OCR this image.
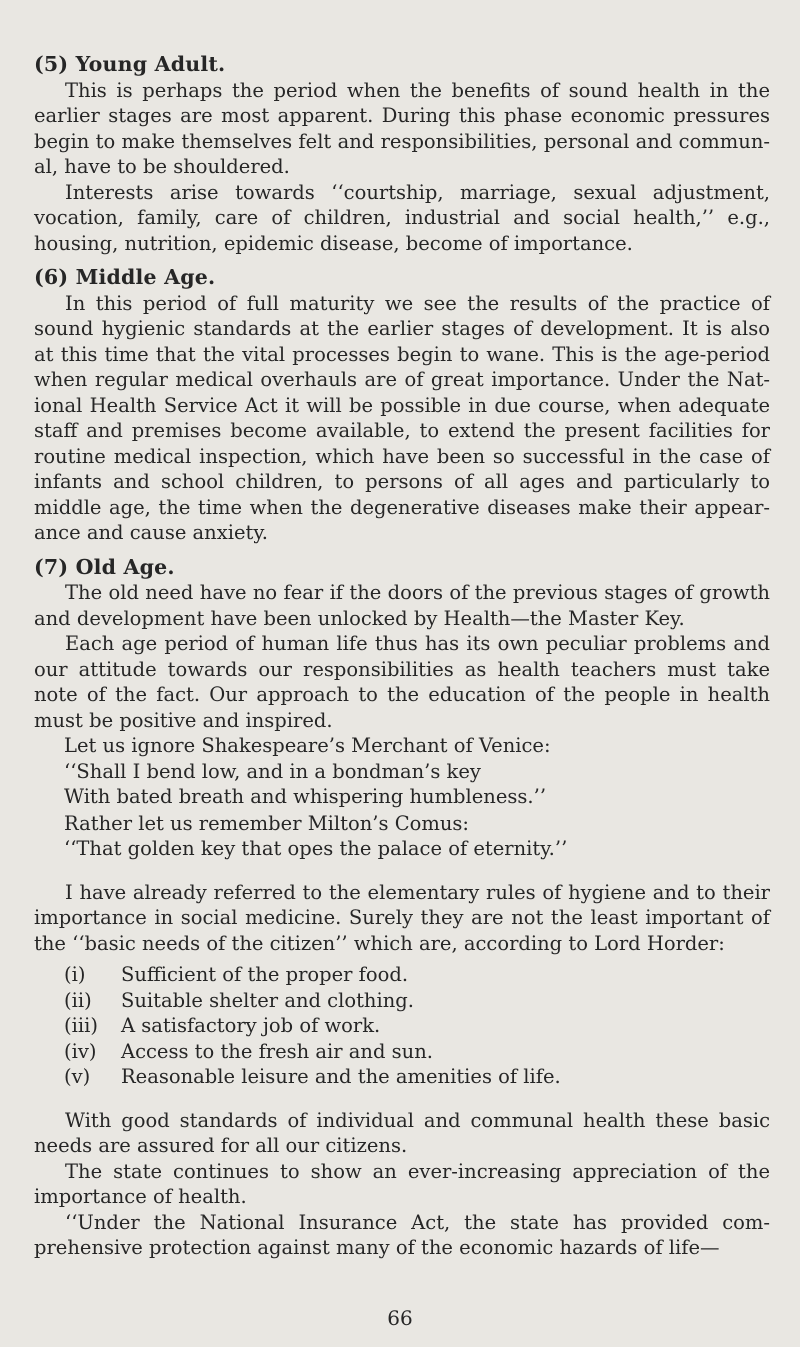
(5) Young Adult.

This is perhaps the period when the benefits of sound health in the earlier stages are most apparent. During this phase economic pressures begin to make themselves felt and responsibilities, personal and commun-al, have to be shouldered.

Interests arise towards ‘‘courtship, marriage, sexual adjustment, vocation, family, care of children, industrial and social health,’’ e.g., housing, nutrition, epidemic disease, become of importance.

(6) Middle Age.

In this period of full maturity we see the results of the practice of sound hygienic standards at the earlier stages of development. It is also at this time that the vital processes begin to wane. This is the age-period when regular medical overhauls are of great importance. Under the Nat-ional Health Service Act it will be possible in due course, when adequate staff and premises become available, to extend the present facilities for routine medical inspection, which have been so successful in the case of infants and school children, to persons of all ages and particularly to middle age, the time when the degenerative diseases make their appear-ance and cause anxiety.

(7) Old Age.

The old need have no fear if the doors of the previous stages of growth and development have been unlocked by Health—the Master Key.

Each age period of human life thus has its own peculiar problems and our attitude towards our responsibilities as health teachers must take note of the fact. Our approach to the education of the people in health must be positive and inspired.

Let us ignore Shakespeare’s Merchant of Venice:
‘‘Shall I bend low, and in a bondman’s key
With bated breath and whispering humbleness.’’
Rather let us remember Milton’s Comus:
‘‘That golden key that opes the palace of eternity.’’

I have already referred to the elementary rules of hygiene and to their importance in social medicine. Surely they are not the least important of the ‘‘basic needs of the citizen’’ which are, according to Lord Horder:

(i)	Sufficient of the proper food.
(ii)	Suitable shelter and clothing.
(iii)	A satisfactory job of work.
(iv)	Access to the fresh air and sun.
(v)	Reasonable leisure and the amenities of life.

With good standards of individual and communal health these basic needs are assured for all our citizens.

The state continues to show an ever-increasing appreciation of the importance of health.

‘‘Under the National Insurance Act, the state has provided com-prehensive protection against many of the economic hazards of life—

66
